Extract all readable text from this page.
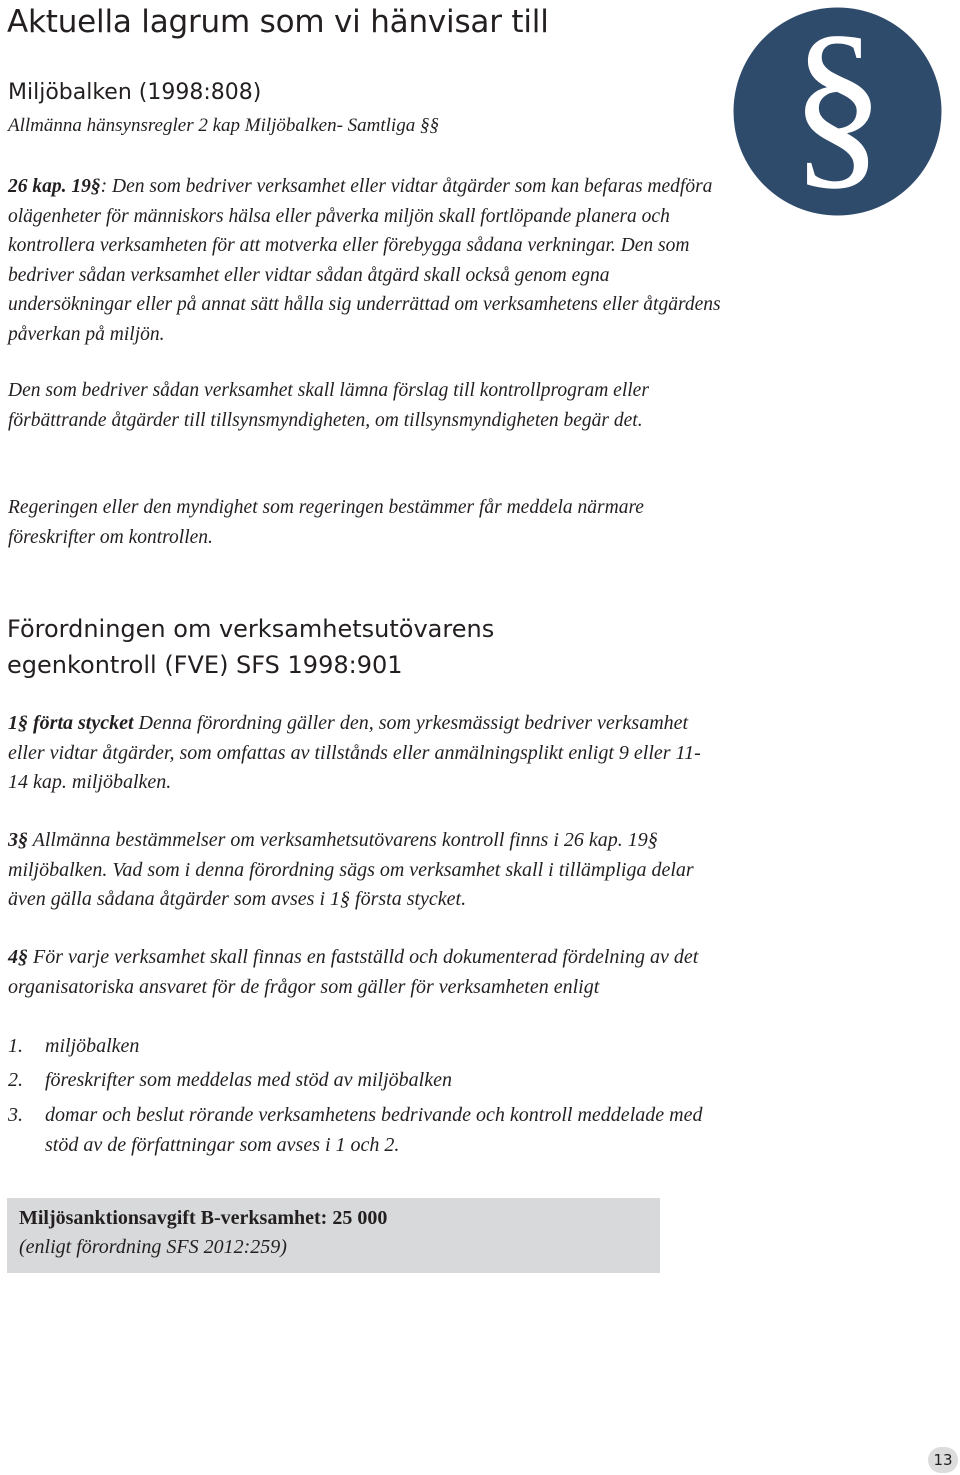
Aktuella lagrum som vi hänvisar till §
Miljöbalken (1998:808)
Allmänna hänsynsregler 2 kap Miljöbalken- Samtliga §§

26 kap. 19§: Den som bedriver verksamhet eller vidtar åtgärder som kan befaras medföra olägenheter för människors hälsa eller påverka miljön skall fortlöpande planera och kontrollera verksamheten för att motverka eller förebygga sådana verkningar. Den som bedriver sådan verksamhet eller vidtar sådan åtgärd skall också genom egna undersökningar eller på annat sätt hålla sig underrättad om verksamhetens eller åtgärdens påverkan på miljön.

Den som bedriver sådan verksamhet skall lämna förslag till kontrollprogram eller förbättrande åtgärder till tillsynsmyndigheten, om tillsynsmyndigheten begär det.

Regeringen eller den myndighet som regeringen bestämmer får meddela närmare föreskrifter om kontrollen.

Förordningen om verksamhetsutövarens
egenkontroll (FVE) SFS 1998:901

1§ förta stycket Denna förordning gäller den, som yrkesmässigt bedriver verksamhet eller vidtar åtgärder, som omfattas av tillstånds eller anmälningsplikt enligt 9 eller 11-14 kap. miljöbalken.

3§ Allmänna bestämmelser om verksamhetsutövarens kontroll finns i 26 kap. 19§ miljöbalken. Vad som i denna förordning sägs om verksamhet skall i tillämpliga delar även gälla sådana åtgärder som avses i 1§ första stycket.

4§ För varje verksamhet skall finnas en fastställd och dokumenterad fördelning av det organisatoriska ansvaret för de frågor som gäller för verksamheten enligt

1. miljöbalken
2. föreskrifter som meddelas med stöd av miljöbalken
3. domar och beslut rörande verksamhetens bedrivande och kontroll meddelade med stöd av de författningar som avses i 1 och 2.
Miljösanktionsavgift B-verksamhet: 25 000
(enligt förordning SFS 2012:259)
13
